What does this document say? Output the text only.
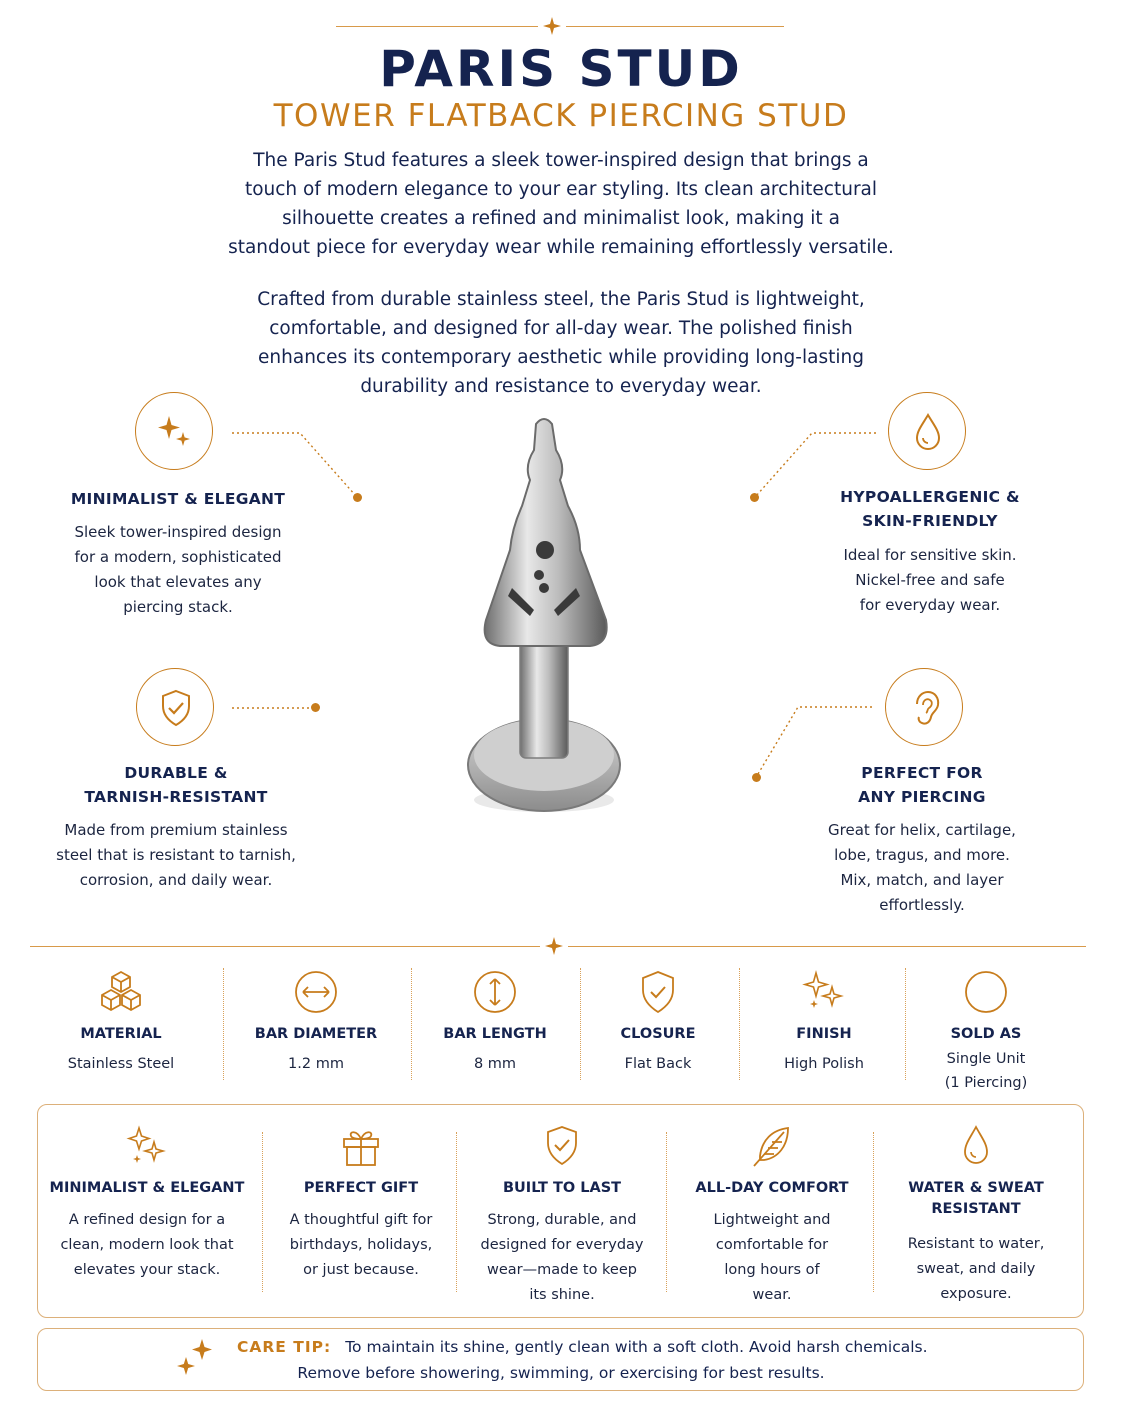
PARIS STUD
TOWER FLATBACK PIERCING STUD
The Paris Stud features a sleek tower-inspired design that brings a
touch of modern elegance to your ear styling. Its clean architectural
silhouette creates a refined and minimalist look, making it a
standout piece for everyday wear while remaining effortlessly versatile.
Crafted from durable stainless steel, the Paris Stud is lightweight,
comfortable, and designed for all-day wear. The polished finish
enhances its contemporary aesthetic while providing long-lasting
durability and resistance to everyday wear.
MINIMALIST & ELEGANT
Sleek tower-inspired design
for a modern, sophisticated
look that elevates any
piercing stack.
HYPOALLERGENIC &
SKIN-FRIENDLY
Ideal for sensitive skin.
Nickel-free and safe
for everyday wear.
DURABLE &
TARNISH-RESISTANT
Made from premium stainless
steel that is resistant to tarnish,
corrosion, and daily wear.
PERFECT FOR
ANY PIERCING
Great for helix, cartilage,
lobe, tragus, and more.
Mix, match, and layer
effortlessly.
MATERIAL
Stainless Steel
BAR DIAMETER
1.2 mm
BAR LENGTH
8 mm
CLOSURE
Flat Back
FINISH
High Polish
SOLD AS
Single Unit
(1 Piercing)
MINIMALIST & ELEGANT
A refined design for a
clean, modern look that
elevates your stack.
PERFECT GIFT
A thoughtful gift for
birthdays, holidays,
or just because.
BUILT TO LAST
Strong, durable, and
designed for everyday
wear—made to keep
its shine.
ALL-DAY COMFORT
Lightweight and
comfortable for
long hours of
wear.
WATER & SWEAT
RESISTANT
Resistant to water,
sweat, and daily
exposure.
CARE TIP: To maintain its shine, gently clean with a soft cloth. Avoid harsh chemicals.
Remove before showering, swimming, or exercising for best results.
